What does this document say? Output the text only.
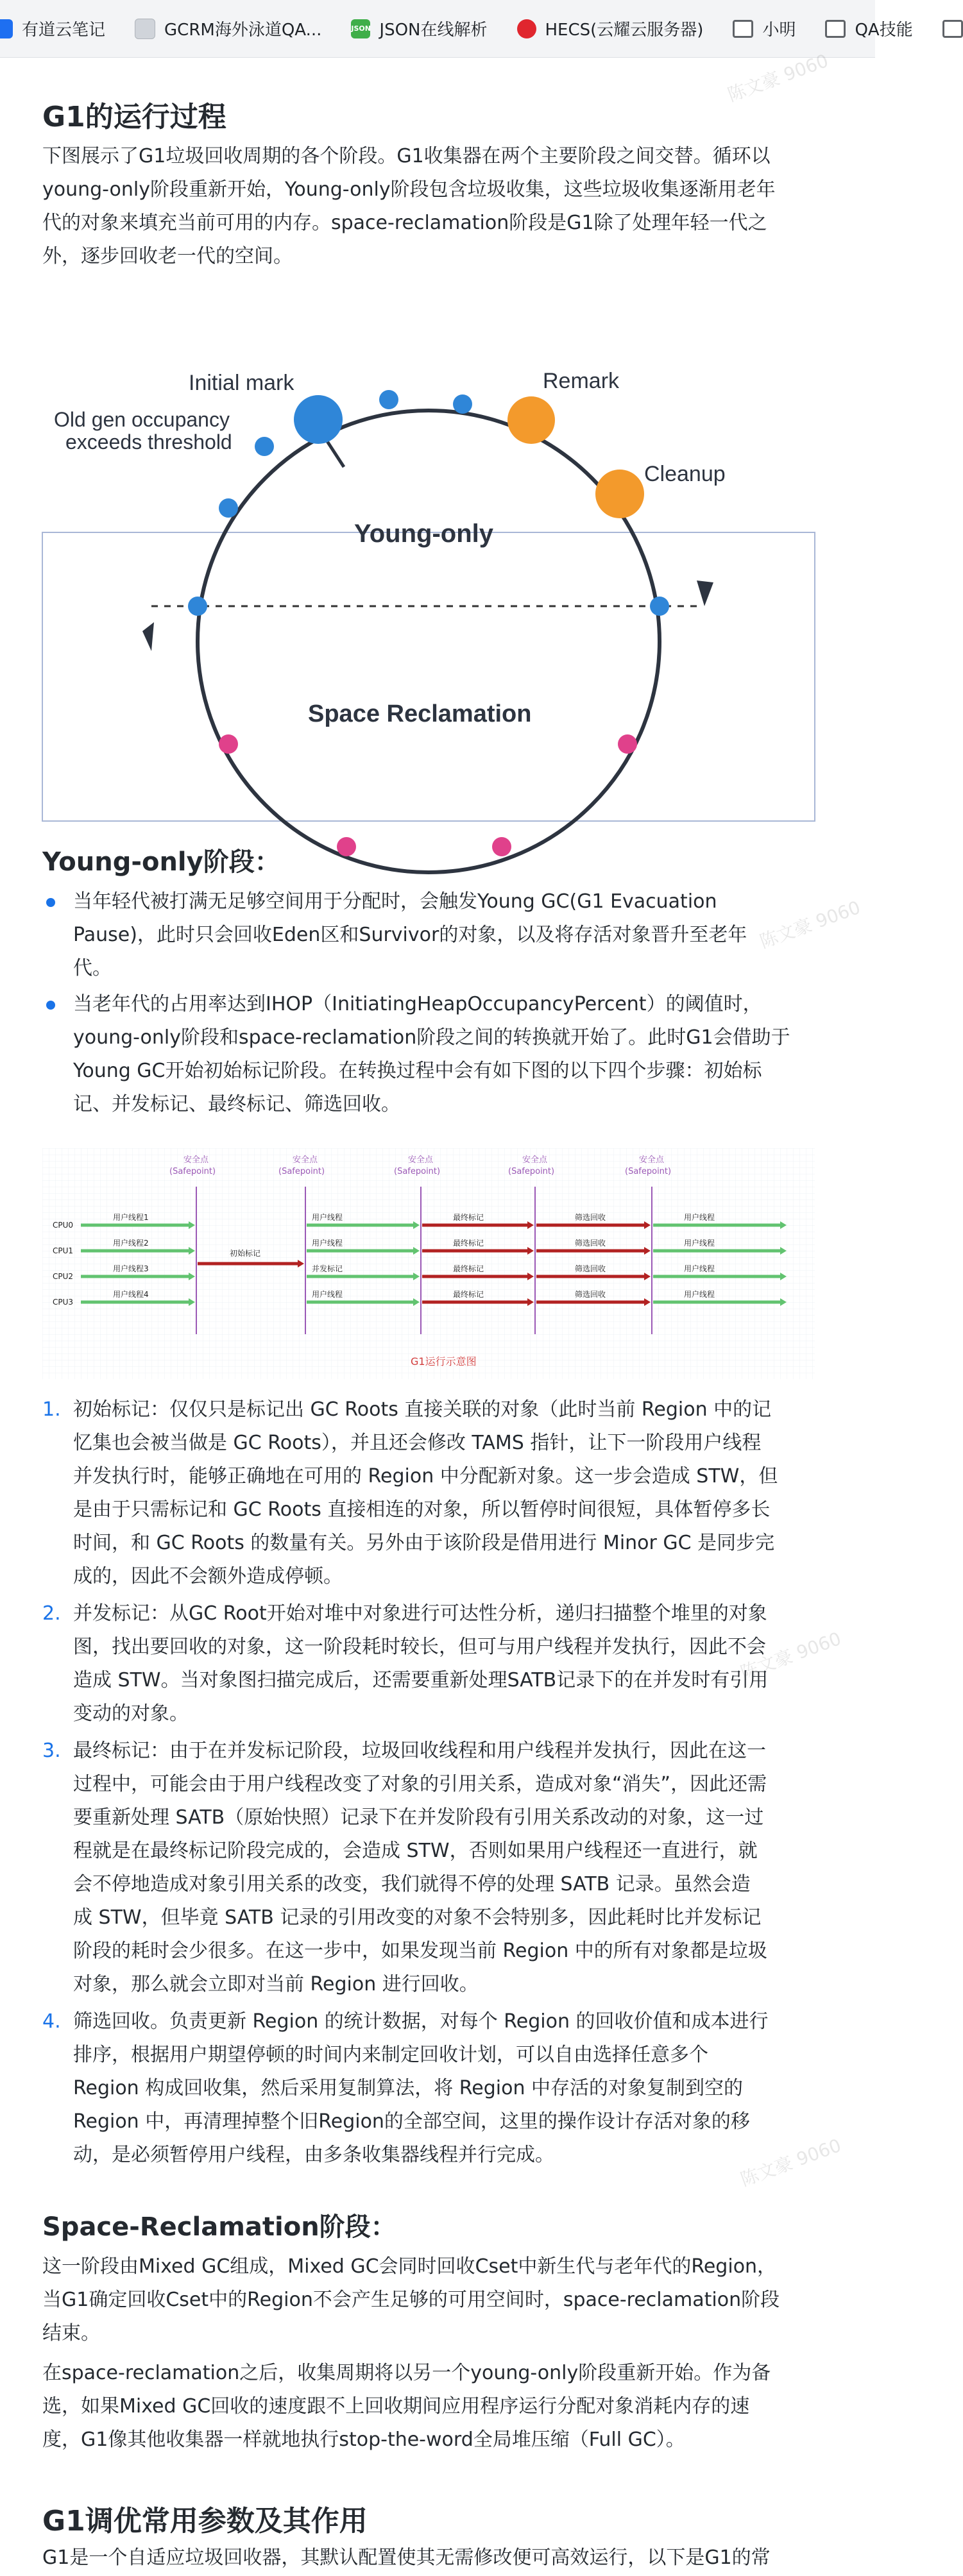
有道云笔记	GCRM海外泳道QA...	JSON JSON在线解析	HECS(云耀云服务器)	小明	QA技能
陈文豪 9060
陈文豪 9060
陈文豪 9060
陈文豪 9060
G1的运行过程

下图展示了G1垃圾回收周期的各个阶段。G1收集器在两个主要阶段之间交替。循环以

young-only阶段重新开始，Young-only阶段包含垃圾收集，这些垃圾收集逐渐用老年

代的对象来填充当前可用的内存。space-reclamation阶段是G1除了处理年轻一代之

外，逐步回收老一代的空间。

Initial mark	Remark
Cleanup
Old gen occupancy
exceeds threshold
Young-only
Space Reclamation
Young-only阶段：
当年轻代被打满无足够空间用于分配时，会触发Young GC(G1 Evacuation
Pause)，此时只会回收Eden区和Survivor的对象，以及将存活对象晋升至老年
代。
当老年代的占用率达到IHOP（InitiatingHeapOccupancyPercent）的阈值时，
young-only阶段和space-reclamation阶段之间的转换就开始了。此时G1会借助于
Young GC开始初始标记阶段。在转换过程中会有如下图的以下四个步骤：初始标
记、并发标记、最终标记、筛选回收。
安全点
(Safepoint)
安全点
(Safepoint)
安全点
(Safepoint)
安全点
(Safepoint)
安全点
(Safepoint)
CPU0
用户线程1	用户线程	最终标记	筛选回收	用户线程
CPU1
用户线程2	用户线程	最终标记	筛选回收	用户线程
CPU2
用户线程3	并发标记	最终标记	筛选回收	用户线程
CPU3
用户线程4	用户线程	最终标记	筛选回收	用户线程
初始标记
G1运行示意图
1. 初始标记：仅仅只是标记出 GC Roots 直接关联的对象（此时当前 Region 中的记
忆集也会被当做是 GC Roots），并且还会修改 TAMS 指针，让下一阶段用户线程
并发执行时，能够正确地在可用的 Region 中分配新对象。这一步会造成 STW，但
是由于只需标记和 GC Roots 直接相连的对象，所以暂停时间很短，具体暂停多长
时间，和 GC Roots 的数量有关。另外由于该阶段是借用进行 Minor GC 是同步完
成的，因此不会额外造成停顿。
2. 并发标记：从GC Root开始对堆中对象进行可达性分析，递归扫描整个堆里的对象
图，找出要回收的对象，这一阶段耗时较长，但可与用户线程并发执行，因此不会
造成 STW。当对象图扫描完成后，还需要重新处理SATB记录下的在并发时有引用
变动的对象。
3. 最终标记：由于在并发标记阶段，垃圾回收线程和用户线程并发执行，因此在这一
过程中，可能会由于用户线程改变了对象的引用关系，造成对象“消失”，因此还需
要重新处理 SATB（原始快照）记录下在并发阶段有引用关系改动的对象，这一过
程就是在最终标记阶段完成的，会造成 STW，否则如果用户线程还一直进行，就
会不停地造成对象引用关系的改变，我们就得不停的处理 SATB 记录。虽然会造
成 STW，但毕竟 SATB 记录的引用改变的对象不会特别多，因此耗时比并发标记
阶段的耗时会少很多。在这一步中，如果发现当前 Region 中的所有对象都是垃圾
对象，那么就会立即对当前 Region 进行回收。
4. 筛选回收。负责更新 Region 的统计数据，对每个 Region 的回收价值和成本进行
排序，根据用户期望停顿的时间内来制定回收计划，可以自由选择任意多个
Region 构成回收集，然后采用复制算法，将 Region 中存活的对象复制到空的
Region 中，再清理掉整个旧Region的全部空间，这里的操作设计存活对象的移
动，是必须暂停用户线程，由多条收集器线程并行完成。
Space-Reclamation阶段：

这一阶段由Mixed GC组成，Mixed GC会同时回收Cset中新生代与老年代的Region，

当G1确定回收Cset中的Region不会产生足够的可用空间时，space-reclamation阶段

结束。

在space-reclamation之后，收集周期将以另一个young-only阶段重新开始。作为备

选，如果Mixed GC回收的速度跟不上回收期间应用程序运行分配对象消耗内存的速

度，G1像其他收集器一样就地执行stop-the-word全局堆压缩（Full GC）。

G1调优常用参数及其作用

G1是一个自适应垃圾回收器，其默认配置使其无需修改便可高效运行，以下是G1的常
